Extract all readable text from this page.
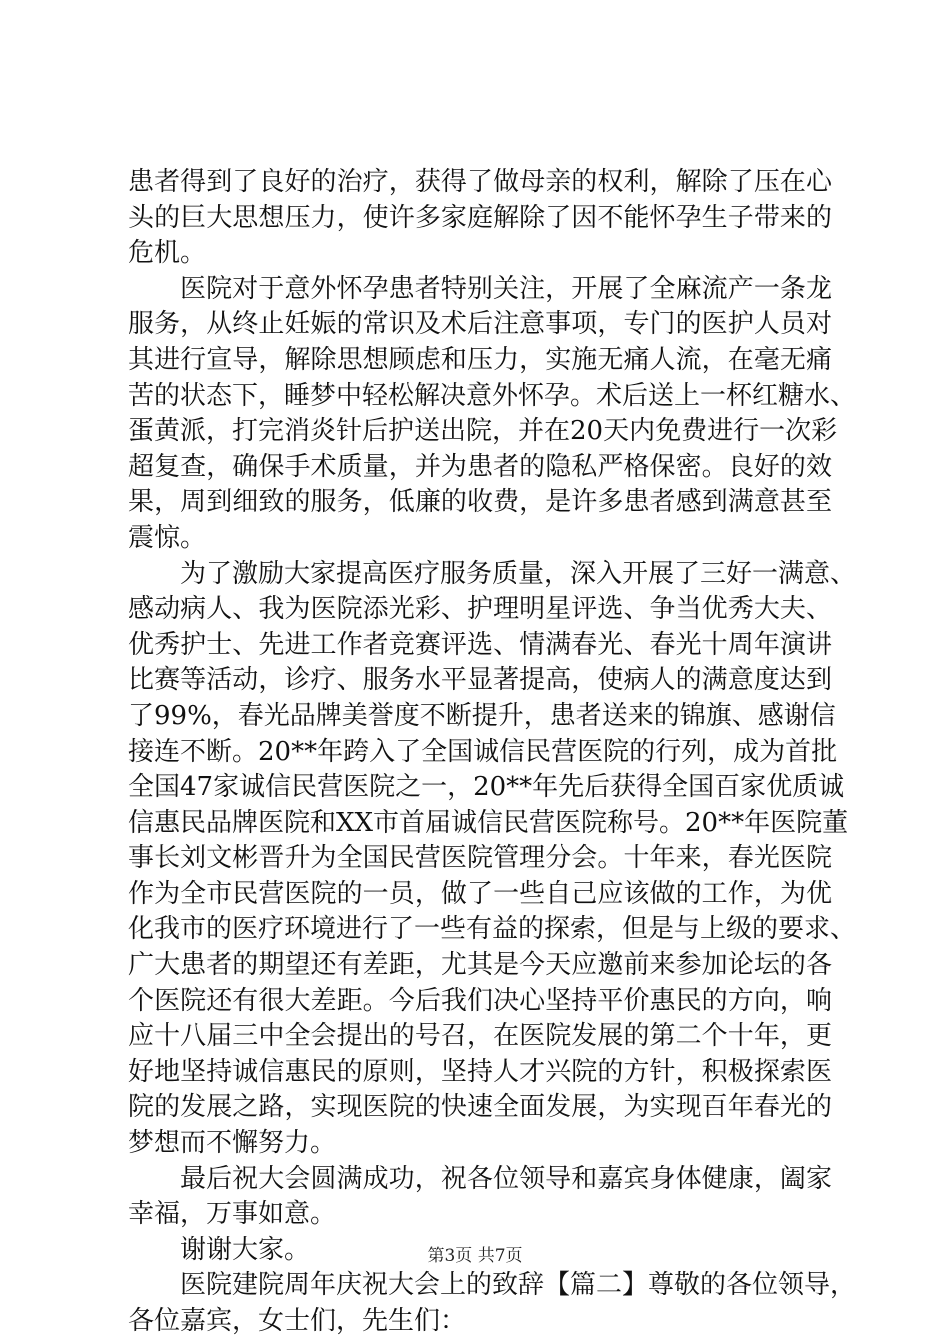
患者得到了良好的治疗，获得了做母亲的权利，解除了压在心
头的巨大思想压力，使许多家庭解除了因不能怀孕生子带来的
危机。
医院对于意外怀孕患者特别关注，开展了全麻流产一条龙
服务，从终止妊娠的常识及术后注意事项，专门的医护人员对
其进行宣导，解除思想顾虑和压力，实施无痛人流，在毫无痛
苦的状态下，睡梦中轻松解决意外怀孕。术后送上一杯红糖水、
蛋黄派，打完消炎针后护送出院，并在20天内免费进行一次彩
超复查，确保手术质量，并为患者的隐私严格保密。良好的效
果，周到细致的服务，低廉的收费，是许多患者感到满意甚至
震惊。
为了激励大家提高医疗服务质量，深入开展了三好一满意、
感动病人、我为医院添光彩、护理明星评选、争当优秀大夫、
优秀护士、先进工作者竞赛评选、情满春光、春光十周年演讲
比赛等活动，诊疗、服务水平显著提高，使病人的满意度达到
了99%，春光品牌美誉度不断提升，患者送来的锦旗、感谢信
接连不断。20**年跨入了全国诚信民营医院的行列，成为首批
全国47家诚信民营医院之一，20**年先后获得全国百家优质诚
信惠民品牌医院和XX市首届诚信民营医院称号。20**年医院董
事长刘文彬晋升为全国民营医院管理分会。十年来，春光医院
作为全市民营医院的一员，做了一些自己应该做的工作，为优
化我市的医疗环境进行了一些有益的探索，但是与上级的要求、
广大患者的期望还有差距，尤其是今天应邀前来参加论坛的各
个医院还有很大差距。今后我们决心坚持平价惠民的方向，响
应十八届三中全会提出的号召，在医院发展的第二个十年，更
好地坚持诚信惠民的原则，坚持人才兴院的方针，积极探索医
院的发展之路，实现医院的快速全面发展，为实现百年春光的
梦想而不懈努力。
最后祝大会圆满成功，祝各位领导和嘉宾身体健康，阖家
幸福，万事如意。
谢谢大家。
医院建院周年庆祝大会上的致辞【篇二】尊敬的各位领导，
各位嘉宾，女士们，先生们：
第3页 共7页
